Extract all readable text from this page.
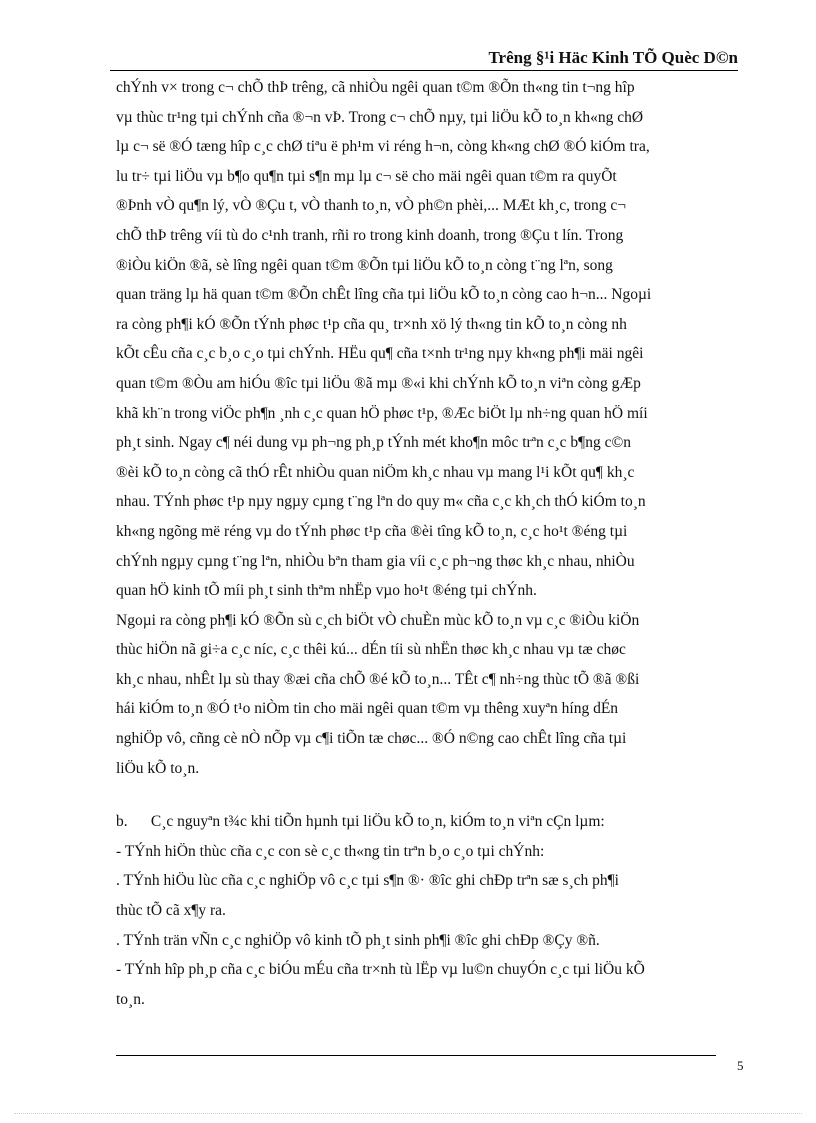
Trêng §¹i Häc Kinh TÕ Quèc D©n
chÝnh v× trong c¬ chÕ thÞ trêng, cã nhiÒu ngêi quan t©m ®Õn th«ng tin t¬ng hîp
vµ thùc tr¹ng tµi chÝnh cña ®¬n vÞ. Trong c¬ chÕ nµy, tµi liÖu kÕ to¸n kh«ng chØ
lµ c¬ së ®Ó tæng hîp c¸c chØ tiªu ë ph¹m vi réng h¬n, còng kh«ng chØ ®Ó kiÓm tra,
lu tr÷ tµi liÖu vµ b¶o qu¶n tµi s¶n mµ lµ c¬ së cho mäi ngêi quan t©m ra quyÕt
®Þnh vÒ qu¶n lý, vÒ ®Çu t, vÒ thanh to¸n, vÒ ph©n phèi,... MÆt kh¸c, trong c¬
chÕ thÞ trêng víi tù do c¹nh tranh, rñi ro trong kinh doanh, trong ®Çu t lín. Trong
®iÒu kiÖn ®ã, sè lîng ngêi quan t©m ®Õn tµi liÖu kÕ to¸n còng t¨ng lªn, song
quan träng lµ hä quan t©m ®Õn chÊt lîng cña tµi liÖu kÕ to¸n còng cao h¬n... Ngoµi
ra còng ph¶i kÓ ®Õn tÝnh phøc t¹p cña qu¸ tr×nh xö lý th«ng tin kÕ to¸n còng nh
kÕt cÊu cña c¸c b¸o c¸o tµi chÝnh. HËu qu¶ cña t×nh tr¹ng nµy kh«ng ph¶i mäi ngêi
quan t©m ®Òu am hiÓu ®îc tµi liÖu ®ã mµ ®«i khi chÝnh kÕ to¸n viªn còng gÆp
khã kh¨n trong viÖc ph¶n ¸nh c¸c quan hÖ phøc t¹p, ®Æc biÖt lµ nh÷ng quan hÖ míi
ph¸t sinh. Ngay c¶ néi dung vµ ph¬ng ph¸p tÝnh mét kho¶n môc trªn c¸c b¶ng c©n
®èi kÕ to¸n còng cã thÓ rÊt nhiÒu quan niÖm kh¸c nhau vµ mang l¹i kÕt qu¶ kh¸c
nhau. TÝnh phøc t¹p nµy ngµy cµng t¨ng lªn do quy m« cña c¸c kh¸ch thÓ kiÓm to¸n
kh«ng ngõng më réng vµ do tÝnh phøc t¹p cña ®èi tîng kÕ to¸n, c¸c ho¹t ®éng tµi
chÝnh ngµy cµng t¨ng lªn, nhiÒu bªn tham gia víi c¸c ph¬ng thøc kh¸c nhau, nhiÒu
quan hÖ kinh tÕ míi ph¸t sinh thªm nhËp vµo ho¹t ®éng tµi chÝnh.
Ngoµi ra còng ph¶i kÓ ®Õn sù c¸ch biÖt vÒ chuÈn mùc kÕ to¸n vµ c¸c ®iÒu kiÖn
thùc hiÖn nã gi÷a c¸c níc, c¸c thêi kú... dÉn tíi sù nhËn thøc kh¸c nhau vµ tæ chøc
kh¸c nhau, nhÊt lµ sù thay ®æi cña chÕ ®é kÕ to¸n... TÊt c¶ nh÷ng thùc tÕ ®ã ®ßi
hái kiÓm to¸n ®Ó t¹o niÒm tin cho mäi ngêi quan t©m vµ thêng xuyªn híng dÉn
nghiÖp vô, cñng cè nÒ nÕp vµ c¶i tiÕn tæ chøc... ®Ó n©ng cao chÊt lîng cña tµi
liÖu kÕ to¸n.
b. C¸c nguyªn t¾c khi tiÕn hµnh tµi liÖu kÕ to¸n, kiÓm to¸n viªn cÇn lµm:
- TÝnh hiÖn thùc cña c¸c con sè c¸c th«ng tin trªn b¸o c¸o tµi chÝnh:
. TÝnh hiÖu lùc cña c¸c nghiÖp vô c¸c tµi s¶n ®· ®îc ghi chÐp trªn sæ s¸ch ph¶i
thùc tÕ cã x¶y ra.
. TÝnh trän vÑn c¸c nghiÖp vô kinh tÕ ph¸t sinh ph¶i ®îc ghi chÐp ®Çy ®ñ.
- TÝnh hîp ph¸p cña c¸c biÓu mÉu cña tr×nh tù lËp vµ lu©n chuyÓn c¸c tµi liÖu kÕ
to¸n.
5
